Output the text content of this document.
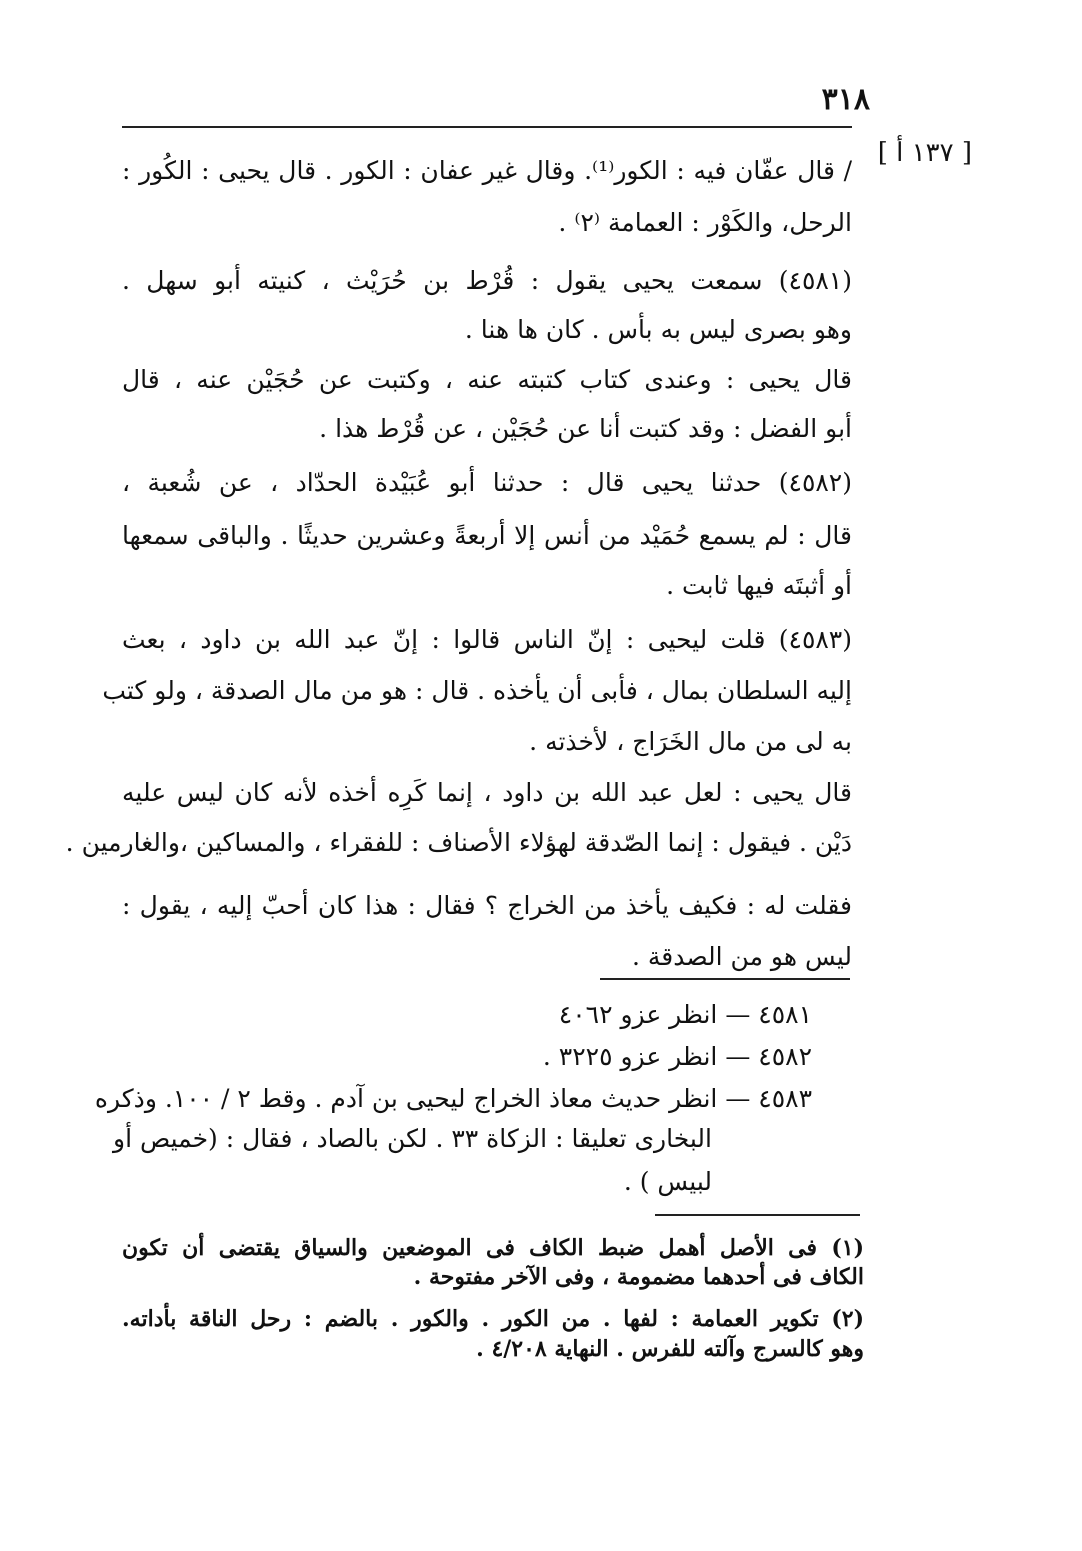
٣١٨
[ ١٣٧ أ ]
/ قال عفّان فيه : الكور⁽¹⁾. وقال غير عفان : الكور . قال يحيى : الكُور :
الرحل، والكَوْر : العمامة ⁽٢⁾ .
(٤٥٨١) سمعت يحيى يقول : قُرْط بن حُرَيْث ، كنيته أبو سهل .
وهو بصرى ليس به بأس . كان ها هنا .
قال يحيى : وعندى كتاب كتبته عنه ، وكتبت عن حُجَيْن عنه ، قال
أبو الفضل : وقد كتبت أنا عن حُجَيْن ، عن قُرْط هذا .
(٤٥٨٢) حدثنا يحيى قال : حدثنا أبو عُبَيْدة الحدّاد ، عن شُعبة ،
قال : لم يسمع حُمَيْد من أنس إلا أربعةً وعشرين حديثًا . والباقى سمعها
أو أثبتَه فيها ثابت .
(٤٥٨٣) قلت ليحيى : إنّ الناس قالوا : إنّ عبد الله بن داود ، بعث
إليه السلطان بمال ، فأبى أن يأخذه . قال : هو من مال الصدقة ، ولو كتب
به لى من مال الخَرَاج ، لأخذته .
قال يحيى : لعل عبد الله بن داود ، إنما كَرِه أخذه لأنه كان ليس عليه
دَيْن . فيقول : إنما الصّدقة لهؤلاء الأصناف : للفقراء ، والمساكين ،والغارمين .
فقلت له : فكيف يأخذ من الخراج ؟ فقال : هذا كان أحبّ إليه ، يقول :
ليس هو من الصدقة .
٤٥٨١ — انظر عزو ٤٠٦٢
٤٥٨٢ — انظر عزو ٣٢٢٥ .
٤٥٨٣ — انظر حديث معاذ الخراج ليحيى بن آدم . وقط ٢ / ١٠٠. وذكره
البخارى تعليقا : الزكاة ٣٣ . لكن بالصاد ، فقال : (خميص أو
لبيس ) .
(١) فى الأصل أهمل ضبط الكاف فى الموضعين والسياق يقتضى أن تكون
الكاف فى أحدهما مضمومة ، وفى الآخر مفتوحة .
(٢) تكوير العمامة : لفها . من الكور . والكور . بالضم : رحل الناقة بأداته.
وهو كالسرج وآلته للفرس . النهاية ٤/٢٠٨ .
